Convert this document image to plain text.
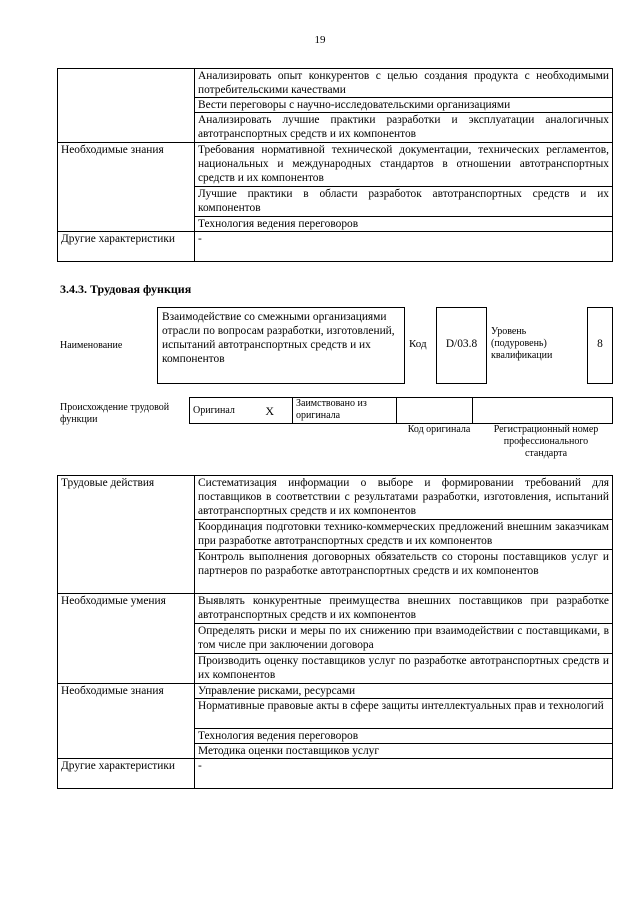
19
	Анализировать опыт конкурентов с целью создания продукта с необходимыми потребительскими качествами
	Вести переговоры с научно-исследовательскими организациями
	Анализировать лучшие практики разработки и эксплуатации аналогичных автотранспортных средств и их компонентов
Необходимые знания	Требования нормативной технической документации, технических регламентов, национальных и международных стандартов в отношении автотранспортных средств и их компонентов
	Лучшие практики в области разработок автотранспортных средств и их компонентов
	Технология ведения переговоров
Другие характеристики	-
3.4.3. Трудовая функция
Наименование
Взаимодействие со смежными организациями отрасли по вопросам разработки, изготовлений, испытаний автотранспортных средств и их компонентов
Код	D/03.8
Уровень (подуровень) квалификации
8
Происхождение трудовой функции
Оригинал	X	Заимствовано из оригинала		
Код оригинала	Регистрационный номер профессионального стандарта
Трудовые действия	Систематизация информации о выборе и формировании требований для поставщиков в соответствии с результатами разработки, изготовления, испытаний автотранспортных средств и их компонентов
	Координация подготовки технико-коммерческих предложений внешним заказчикам при разработке автотранспортных средств и их компонентов
	Контроль выполнения договорных обязательств со стороны поставщиков услуг и партнеров по разработке автотранспортных средств и их компонентов
Необходимые умения	Выявлять конкурентные преимущества внешних поставщиков при разработке автотранспортных средств и их компонентов
	Определять риски и меры по их снижению при взаимодействии с поставщиками, в том числе при заключении договора
	Производить оценку поставщиков услуг по разработке автотранспортных средств и их компонентов
Необходимые знания	Управление рисками, ресурсами
	Нормативные правовые акты в сфере защиты интеллектуальных прав и технологий
	Технология ведения переговоров
	Методика оценки поставщиков услуг
Другие характеристики	-
